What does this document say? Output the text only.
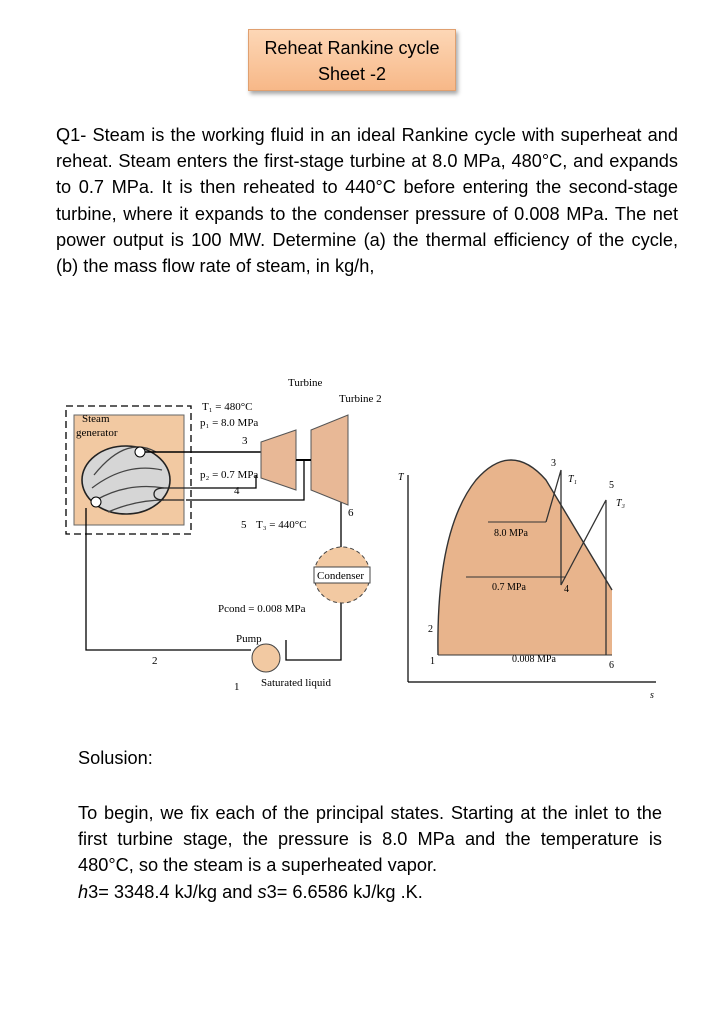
Reheat Rankine cycle
Sheet -2
Q1- Steam is the working fluid in an ideal Rankine cycle with superheat and reheat. Steam enters the first-stage turbine at 8.0 MPa, 480°C, and expands to 0.7 MPa. It is then reheated to 440°C before entering the second-stage turbine, where it expands to the condenser pressure of 0.008 MPa. The net power output is 100 MW. Determine (a) the thermal efficiency of the cycle, (b) the mass flow rate of steam, in kg/h,
Turbine
Turbine 2
Steam
generator
T₁ = 480°C
p₁ = 8.0 MPa
3
p₂ = 0.7 MPa
4
5 T₃ = 440°C
6
Condenser
Pcond = 0.008 MPa
Pump
2
1 Saturated liquid
T
s
8.0 MPa
0.7 MPa
0.008 MPa
T₁
T₃
1
2
3
4
5
6
Solusion:
To begin, we fix each of the principal states. Starting at the inlet to the first turbine stage, the pressure is 8.0 MPa and the temperature is 480°C, so the steam is a superheated vapor.
h3= 3348.4 kJ/kg and s3= 6.6586 kJ/kg .K.
